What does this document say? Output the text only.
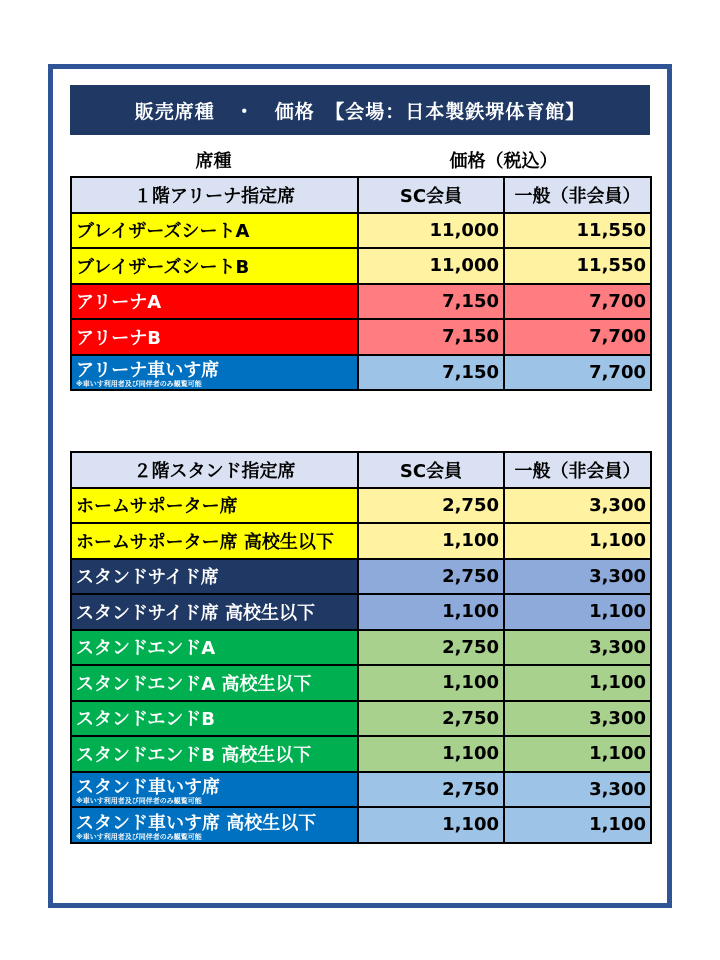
販売席種　・　価格　【会場：日本製鉄堺体育館】
席種	価格（税込）
１階アリーナ指定席	SC会員	一般（非会員）
ブレイザーズシートA	11,000	11,550
ブレイザーズシートB	11,000	11,550
アリーナA	7,150	7,700
アリーナB	7,150	7,700
アリーナ車いす席
※車いす利用者及び同伴者のみ観覧可能	7,150	7,700
２階スタンド指定席	SC会員	一般（非会員）
ホームサポーター席	2,750	3,300
ホームサポーター席 高校生以下	1,100	1,100
スタンドサイド席	2,750	3,300
スタンドサイド席 高校生以下	1,100	1,100
スタンドエンドA	2,750	3,300
スタンドエンドA 高校生以下	1,100	1,100
スタンドエンドB	2,750	3,300
スタンドエンドB 高校生以下	1,100	1,100
スタンド車いす席
※車いす利用者及び同伴者のみ観覧可能	2,750	3,300
スタンド車いす席 高校生以下
※車いす利用者及び同伴者のみ観覧可能	1,100	1,100
